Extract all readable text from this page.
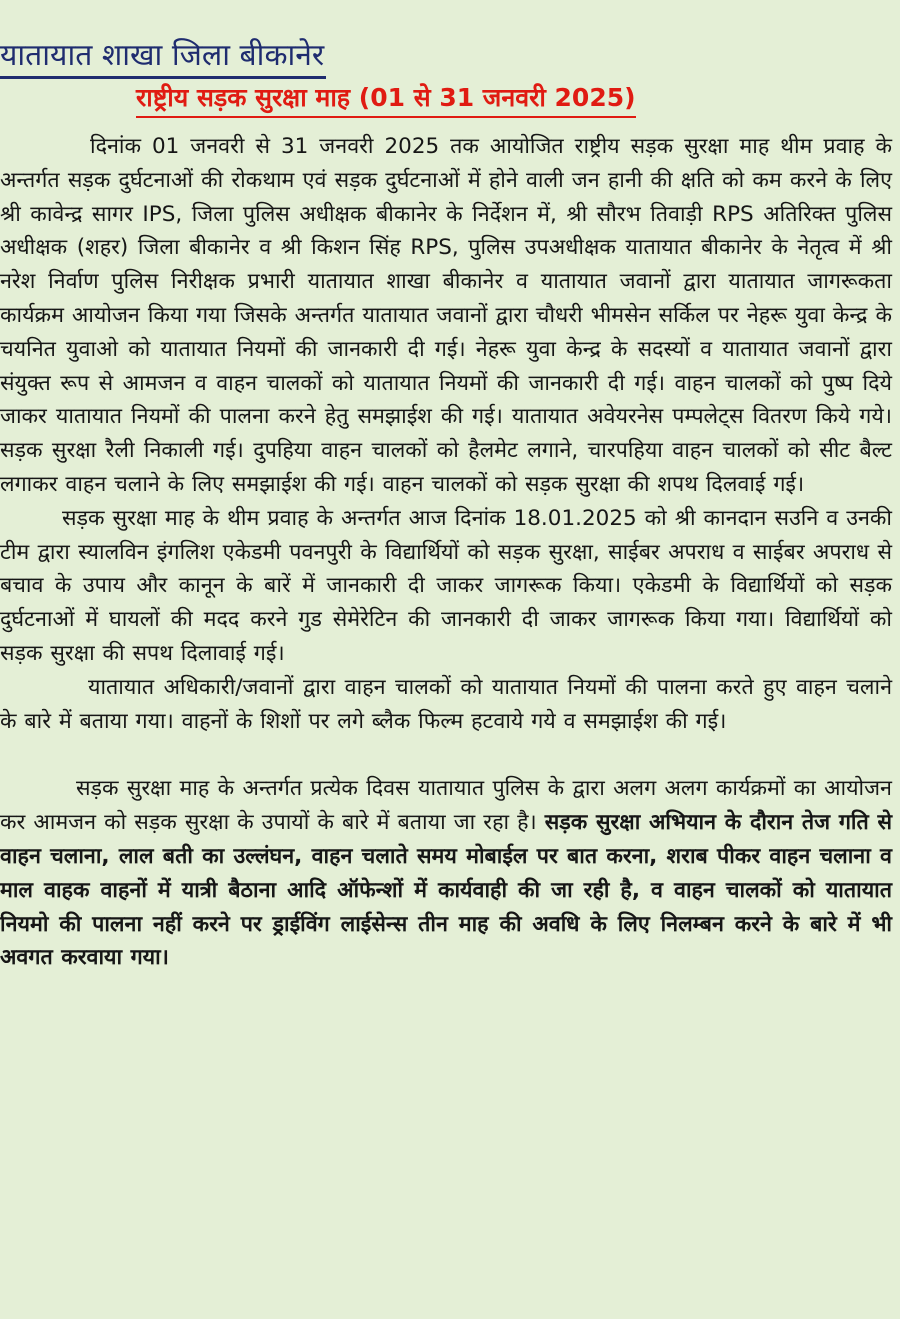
यातायात शाखा जिला बीकानेर
राष्ट्रीय सड़क सुरक्षा माह (01 से 31 जनवरी 2025)

दिनांक 01 जनवरी से 31 जनवरी 2025 तक आयोजित राष्ट्रीय सड़क सुरक्षा माह थीम प्रवाह के अन्तर्गत सड़क दुर्घटनाओं की रोकथाम एवं सड़क दुर्घटनाओं में होने वाली जन हानी की क्षति को कम करने के लिए श्री कावेन्द्र सागर IPS, जिला पुलिस अधीक्षक बीकानेर के निर्देशन में, श्री सौरभ तिवाड़ी RPS अतिरिक्त पुलिस अधीक्षक (शहर) जिला बीकानेर व श्री किशन सिंह RPS, पुलिस उपअधीक्षक यातायात बीकानेर के नेतृत्व में श्री नरेश निर्वाण पुलिस निरीक्षक प्रभारी यातायात शाखा बीकानेर व यातायात जवानों द्वारा यातायात जागरूकता कार्यक्रम आयोजन किया गया जिसके अन्तर्गत यातायात जवानों द्वारा चौधरी भीमसेन सर्किल पर नेहरू युवा केन्द्र के चयनित युवाओ को यातायात नियमों की जानकारी दी गई। नेहरू युवा केन्द्र के सदस्यों व यातायात जवानों द्वारा संयुक्त रूप से आमजन व वाहन चालकों को यातायात नियमों की जानकारी दी गई। वाहन चालकों को पुष्प दिये जाकर यातायात नियमों की पालना करने हेतु समझाईश की गई। यातायात अवेयरनेस पम्पलेट्स वितरण किये गये। सड़क सुरक्षा रैली निकाली गई। दुपहिया वाहन चालकों को हैलमेट लगाने, चारपहिया वाहन चालकों को सीट बैल्ट लगाकर वाहन चलाने के लिए समझाईश की गई। वाहन चालकों को सड़क सुरक्षा की शपथ दिलवाई गई।

सड़क सुरक्षा माह के थीम प्रवाह के अन्तर्गत आज दिनांक 18.01.2025 को श्री कानदान सउनि व उनकी टीम द्वारा स्यालविन इंगलिश एकेडमी पवनपुरी के विद्यार्थियों को सड़क सुरक्षा, साईबर अपराध व साईबर अपराध से बचाव के उपाय और कानून के बारें में जानकारी दी जाकर जागरूक किया। एकेडमी के विद्यार्थियों को सड़क दुर्घटनाओं में घायलों की मदद करने गुड सेमेरेटिन की जानकारी दी जाकर जागरूक किया गया। विद्यार्थियों को सड़क सुरक्षा की सपथ दिलावाई गई।

यातायात अधिकारी/जवानों द्वारा वाहन चालकों को यातायात नियमों की पालना करते हुए वाहन चलाने के बारे में बताया गया। वाहनों के शिशों पर लगे ब्लैक फिल्म हटवाये गये व समझाईश की गई।

सड़क सुरक्षा माह के अन्तर्गत प्रत्येक दिवस यातायात पुलिस के द्वारा अलग अलग कार्यक्रमों का आयोजन कर आमजन को सड़क सुरक्षा के उपायों के बारे में बताया जा रहा है। सड़क सुरक्षा अभियान के दौरान तेज गति से वाहन चलाना, लाल बती का उल्लंघन, वाहन चलाते समय मोबाईल पर बात करना, शराब पीकर वाहन चलाना व माल वाहक वाहनों में यात्री बैठाना आदि ऑफेन्शों में कार्यवाही की जा रही है, व वाहन चालकों को यातायात नियमो की पालना नहीं करने पर ड्राईविंग लाईसेन्स तीन माह की अवधि के लिए निलम्बन करने के बारे में भी अवगत करवाया गया।
